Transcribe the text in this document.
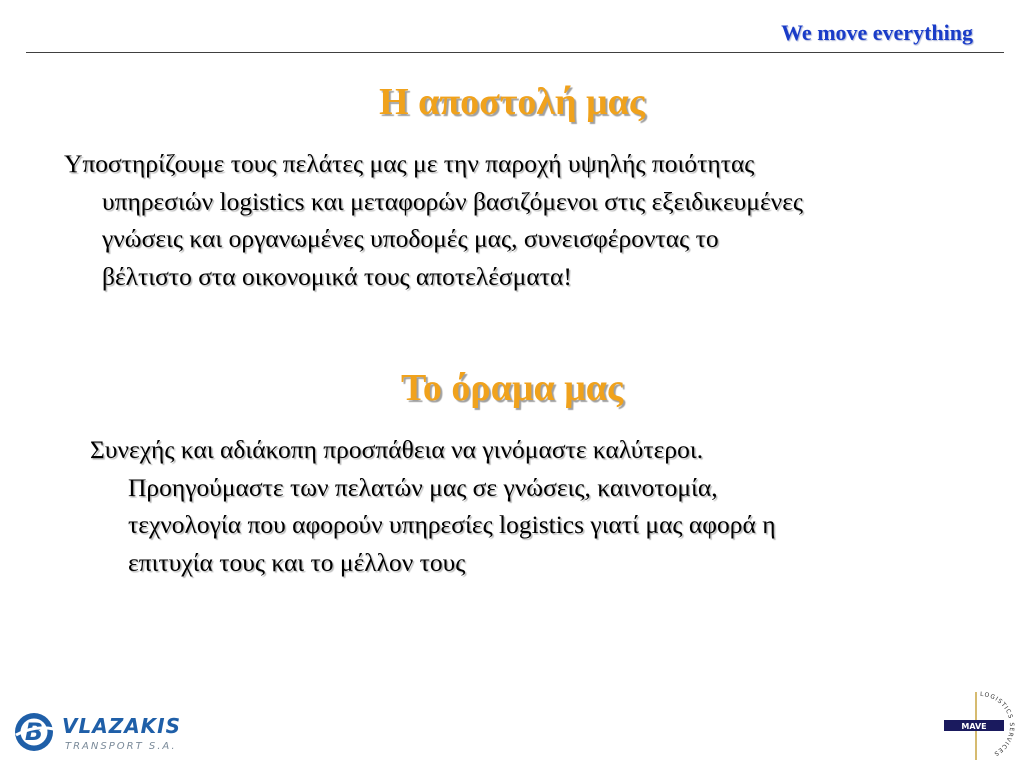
We move everything
Η αποστολή μας
Υποστηρίζουμε τους πελάτες μας με την παροχή υψηλής ποιότητας
υπηρεσιών logistics και μεταφορών βασιζόμενοι στις εξειδικευμένες
γνώσεις και οργανωμένες υποδομές μας, συνεισφέροντας το
βέλτιστο στα οικονομικά τους αποτελέσματα!
Το όραμα μας
Συνεχής και αδιάκοπη προσπάθεια να γινόμαστε καλύτεροι.
Προηγούμαστε των πελατών μας σε γνώσεις, καινοτομία,
τεχνολογία που αφορούν υπηρεσίες logistics γιατί μας αφορά η
επιτυχία τους και το μέλλον τους
B VLAZAKIS
TRANSPORT S.A.
MAVE
LOGISTICS SERVICES
